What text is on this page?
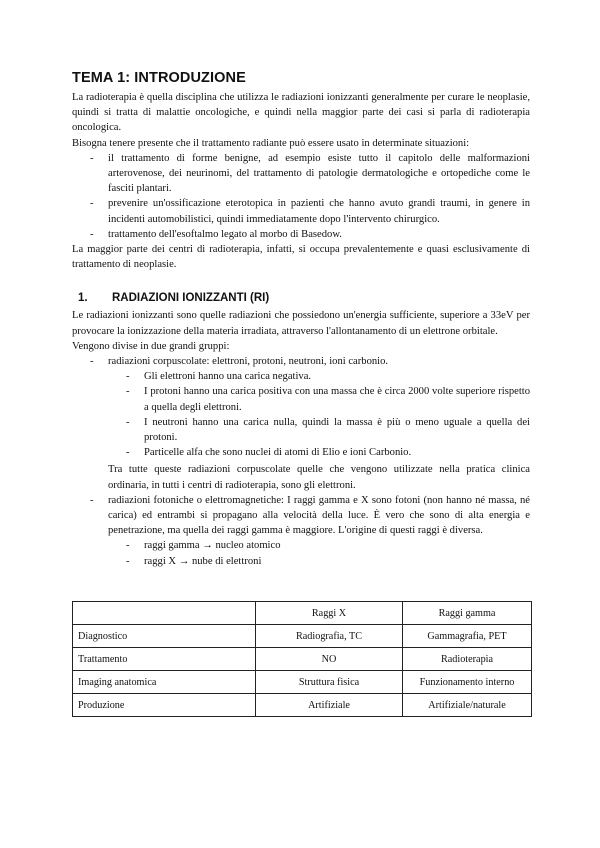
TEMA 1: INTRODUZIONE

La radioterapia è quella disciplina che utilizza le radiazioni ionizzanti generalmente per curare le neoplasie, quindi si tratta di malattie oncologiche, e quindi nella maggior parte dei casi si parla di radioterapia oncologica.

Bisogna tenere presente che il trattamento radiante può essere usato in determinate situazioni:

- il trattamento di forme benigne, ad esempio esiste tutto il capitolo delle malformazioni arterovenose, dei neurinomi, del trattamento di patologie dermatologiche e ortopediche come le fasciti plantari.
- prevenire un'ossificazione eterotopica in pazienti che hanno avuto grandi traumi, in genere in incidenti automobilistici, quindi immediatamente dopo l'intervento chirurgico.
- trattamento dell'esoftalmo legato al morbo di Basedow.

La maggior parte dei centri di radioterapia, infatti, si occupa prevalentemente e quasi esclusivamente di trattamento di neoplasie.

1. RADIAZIONI IONIZZANTI (RI)

Le radiazioni ionizzanti sono quelle radiazioni che possiedono un'energia sufficiente, superiore a 33eV per provocare la ionizzazione della materia irradiata, attraverso l'allontanamento di un elettrone orbitale.

Vengono divise in due grandi gruppi:

- radiazioni corpuscolate: elettroni, protoni, neutroni, ioni carbonio.
- Gli elettroni hanno una carica negativa.
- I protoni hanno una carica positiva con una massa che è circa 2000 volte superiore rispetto a quella degli elettroni.
- I neutroni hanno una carica nulla, quindi la massa è più o meno uguale a quella dei protoni.
- Particelle alfa che sono nuclei di atomi di Elio e ioni Carbonio.

Tra tutte queste radiazioni corpuscolate quelle che vengono utilizzate nella pratica clinica ordinaria, in tutti i centri di radioterapia, sono gli elettroni.

- radiazioni fotoniche o elettromagnetiche: I raggi gamma e X sono fotoni (non hanno né massa, né carica) ed entrambi si propagano alla velocità della luce. È vero che sono di alta energia e penetrazione, ma quella dei raggi gamma è maggiore. L'origine di questi raggi è diversa.
- raggi gamma → nucleo atomico
- raggi X → nube di elettroni
	Raggi X	Raggi gamma
Diagnostico	Radiografia, TC	Gammagrafia, PET
Trattamento	NO	Radioterapia
Imaging anatomica	Struttura fisica	Funzionamento interno
Produzione	Artifiziale	Artifiziale/naturale
